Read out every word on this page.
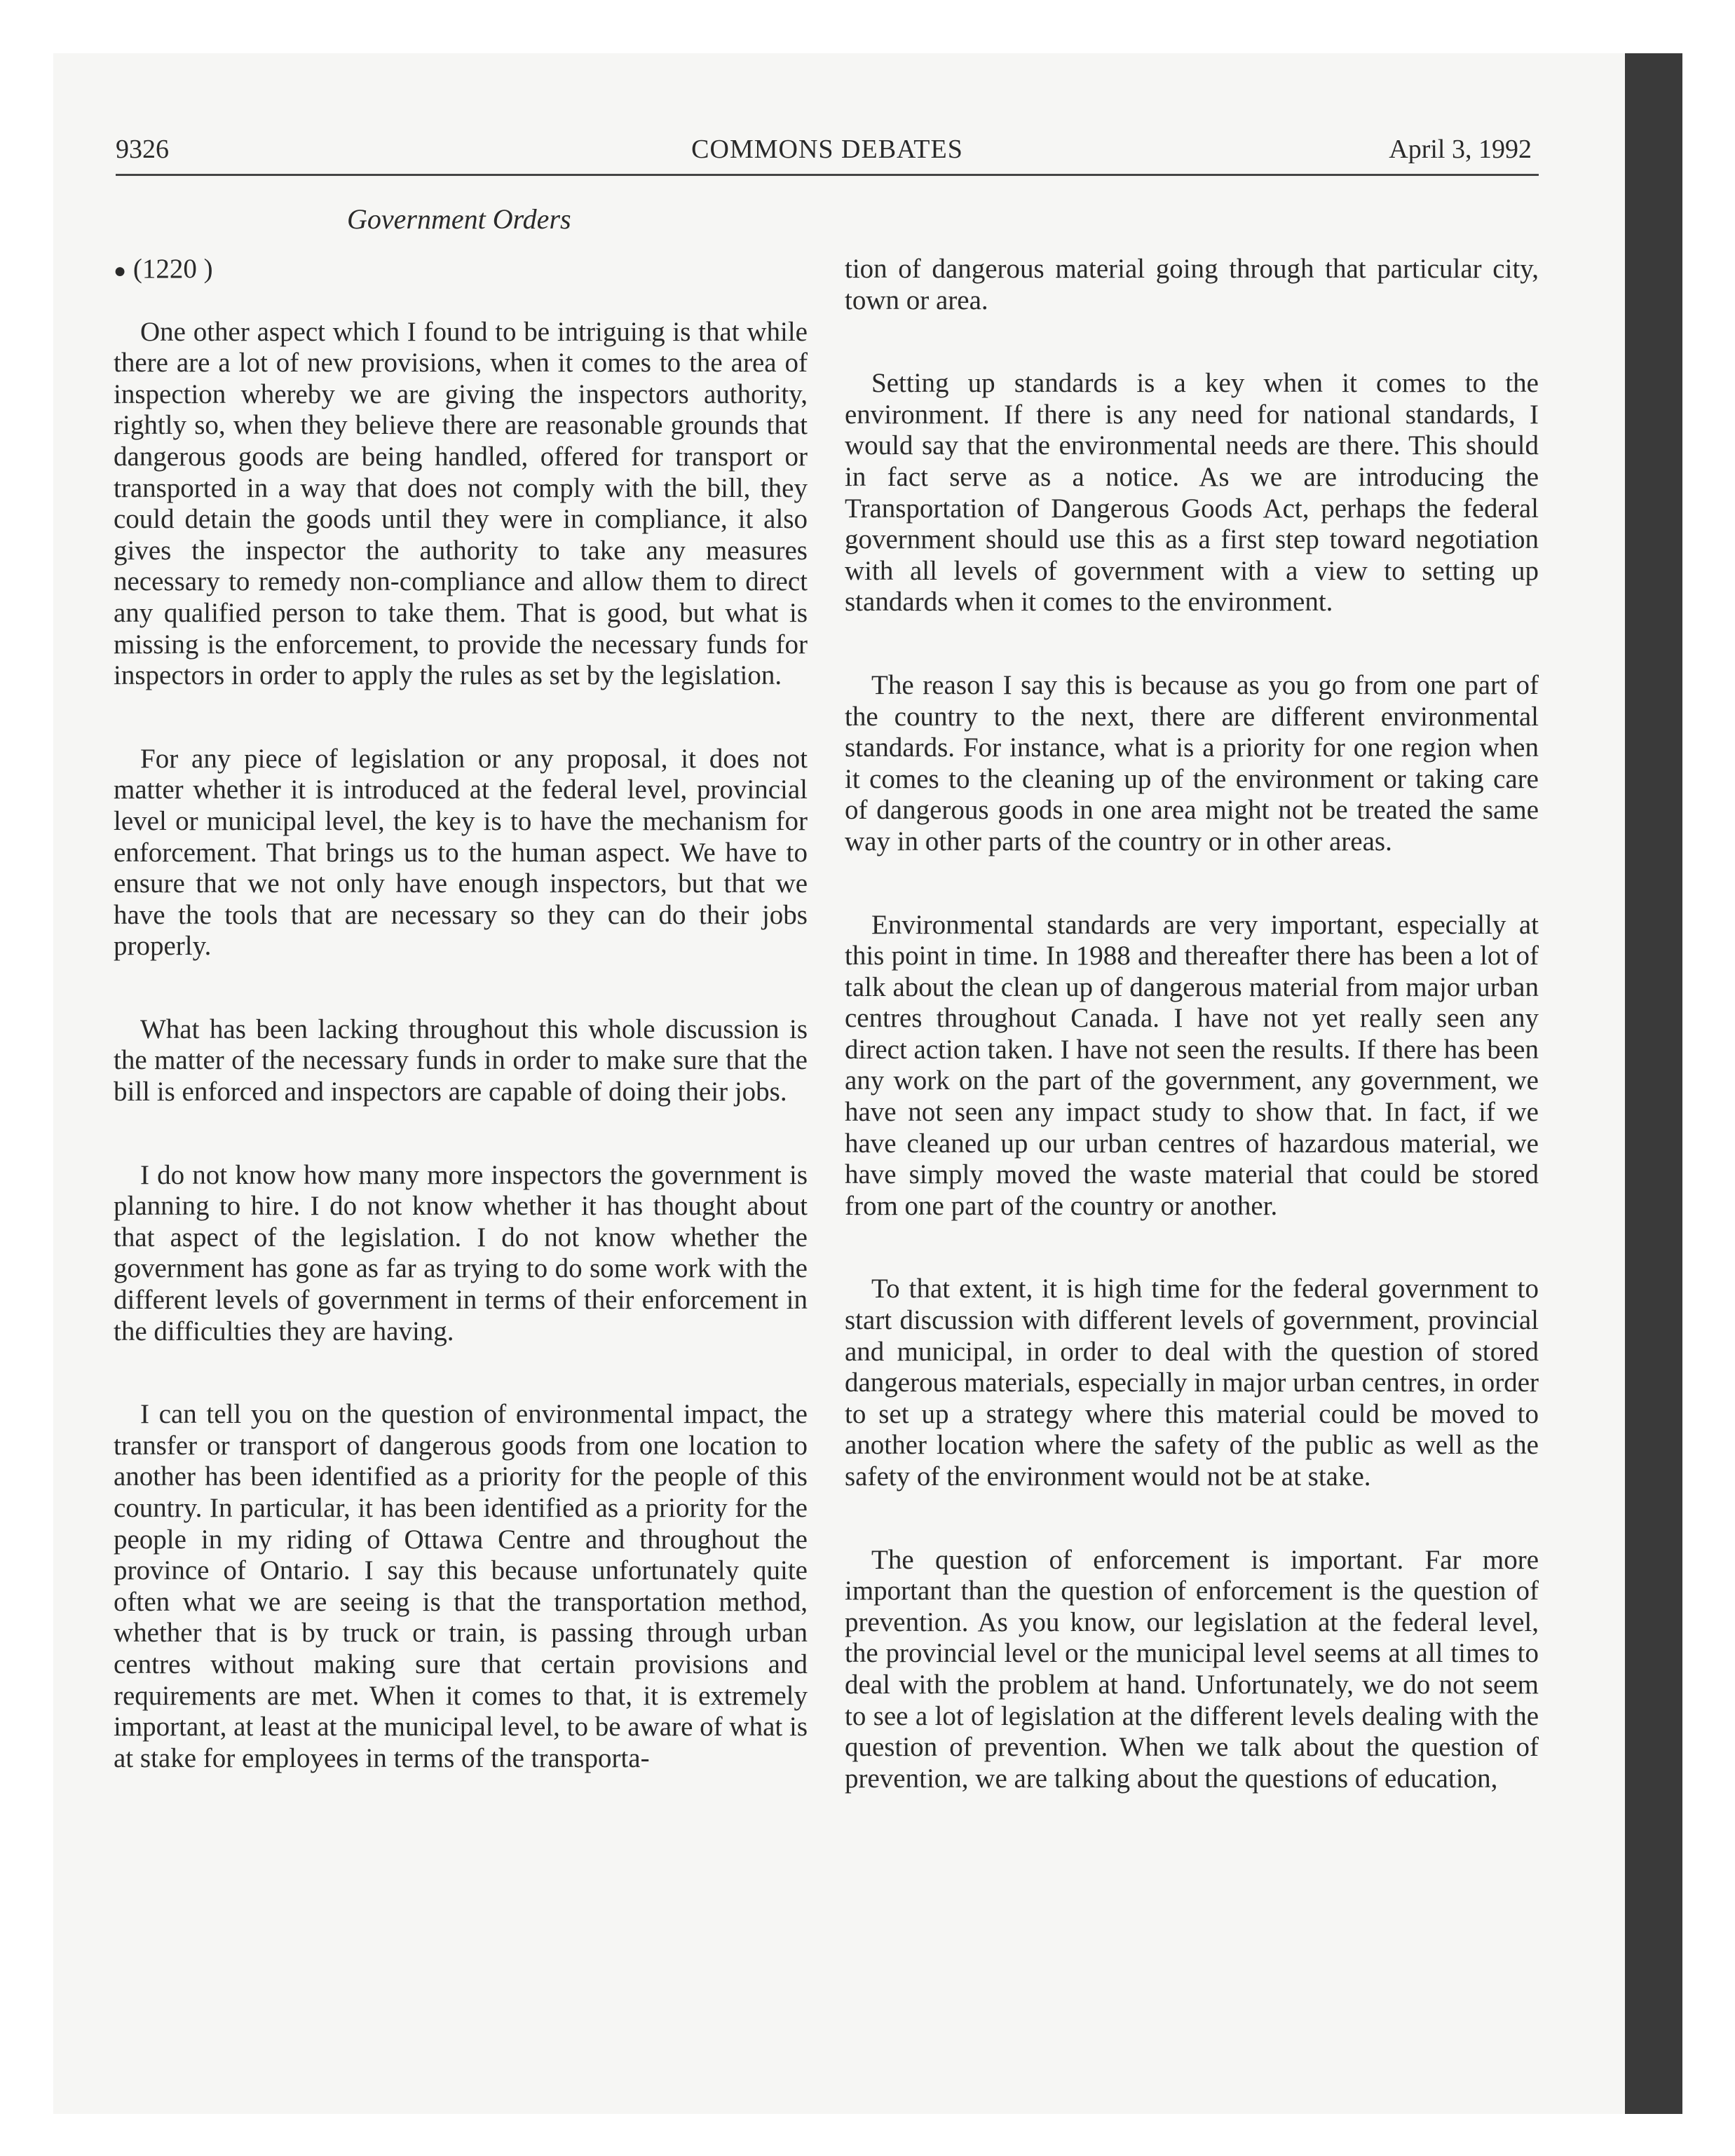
9326	COMMONS DEBATES	April 3, 1992
Government Orders
● (1220 )

One other aspect which I found to be intriguing is that while there are a lot of new provisions, when it comes to the area of inspection whereby we are giving the inspectors authority, rightly so, when they believe there are reasonable grounds that dangerous goods are being handled, offered for transport or transported in a way that does not comply with the bill, they could detain the goods until they were in compliance, it also gives the inspector the authority to take any measures necessary to remedy non-compliance and allow them to direct any qualified person to take them. That is good, but what is missing is the enforcement, to provide the necessary funds for inspectors in order to apply the rules as set by the legislation.

For any piece of legislation or any proposal, it does not matter whether it is introduced at the federal level, provincial level or municipal level, the key is to have the mechanism for enforcement. That brings us to the human aspect. We have to ensure that we not only have enough inspectors, but that we have the tools that are necessary so they can do their jobs properly.

What has been lacking throughout this whole discussion is the matter of the necessary funds in order to make sure that the bill is enforced and inspectors are capable of doing their jobs.

I do not know how many more inspectors the government is planning to hire. I do not know whether it has thought about that aspect of the legislation. I do not know whether the government has gone as far as trying to do some work with the different levels of government in terms of their enforcement in the difficulties they are having.

I can tell you on the question of environmental impact, the transfer or transport of dangerous goods from one location to another has been identified as a priority for the people of this country. In particular, it has been identified as a priority for the people in my riding of Ottawa Centre and throughout the province of Ontario. I say this because unfortunately quite often what we are seeing is that the transportation method, whether that is by truck or train, is passing through urban centres without making sure that certain provisions and requirements are met. When it comes to that, it is extremely important, at least at the municipal level, to be aware of what is at stake for employees in terms of the transporta-

tion of dangerous material going through that particular city, town or area.

Setting up standards is a key when it comes to the environment. If there is any need for national standards, I would say that the environmental needs are there. This should in fact serve as a notice. As we are introducing the Transportation of Dangerous Goods Act, perhaps the federal government should use this as a first step toward negotiation with all levels of government with a view to setting up standards when it comes to the environment.

The reason I say this is because as you go from one part of the country to the next, there are different environmental standards. For instance, what is a priority for one region when it comes to the cleaning up of the environment or taking care of dangerous goods in one area might not be treated the same way in other parts of the country or in other areas.

Environmental standards are very important, especially at this point in time. In 1988 and thereafter there has been a lot of talk about the clean up of dangerous material from major urban centres throughout Canada. I have not yet really seen any direct action taken. I have not seen the results. If there has been any work on the part of the government, any government, we have not seen any impact study to show that. In fact, if we have cleaned up our urban centres of hazardous material, we have simply moved the waste material that could be stored from one part of the country or another.

To that extent, it is high time for the federal government to start discussion with different levels of government, provincial and municipal, in order to deal with the question of stored dangerous materials, especially in major urban centres, in order to set up a strategy where this material could be moved to another location where the safety of the public as well as the safety of the environment would not be at stake.

The question of enforcement is important. Far more important than the question of enforcement is the question of prevention. As you know, our legislation at the federal level, the provincial level or the municipal level seems at all times to deal with the problem at hand. Unfortunately, we do not seem to see a lot of legislation at the different levels dealing with the question of prevention. When we talk about the question of prevention, we are talking about the questions of education,
